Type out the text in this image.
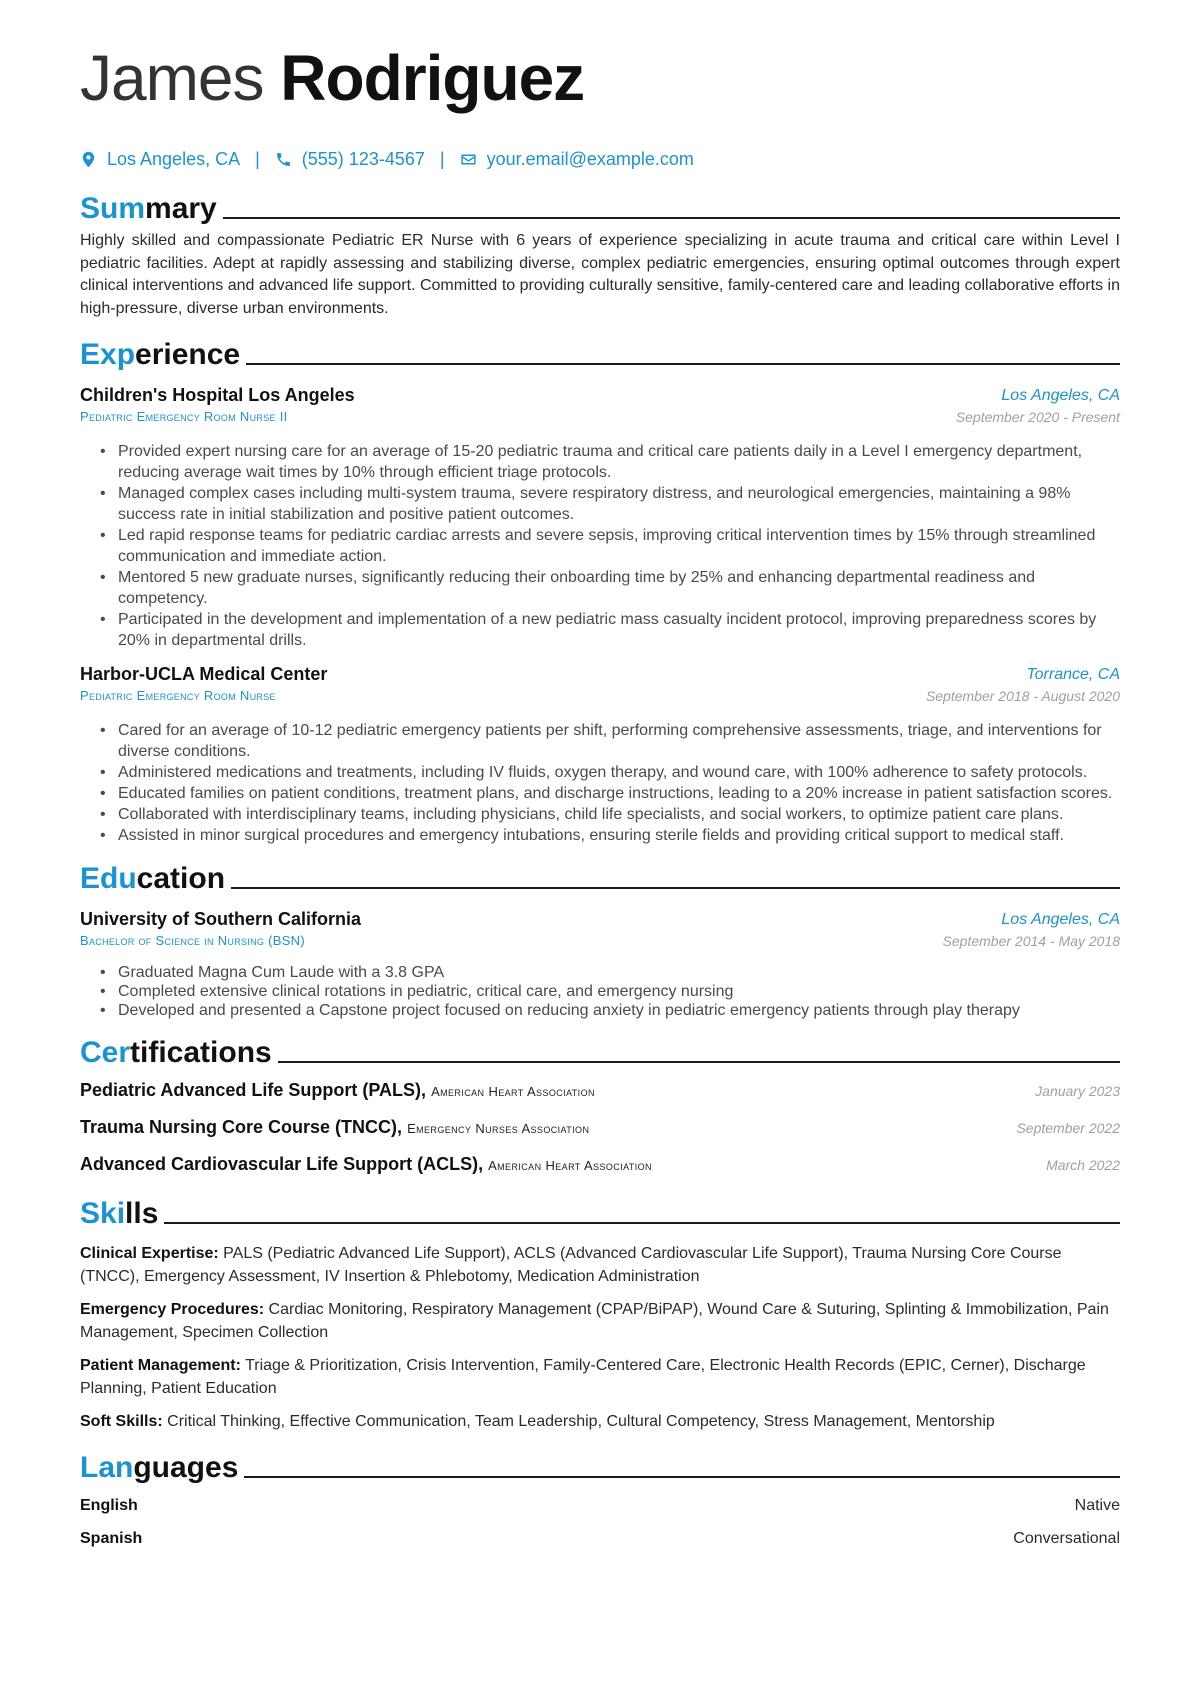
James Rodriguez
Los Angeles, CA | (555) 123-4567 | your.email@example.com
Summary

Highly skilled and compassionate Pediatric ER Nurse with 6 years of experience specializing in acute trauma and critical care within Level I pediatric facilities. Adept at rapidly assessing and stabilizing diverse, complex pediatric emergencies, ensuring optimal outcomes through expert clinical interventions and advanced life support. Committed to providing culturally sensitive, family-centered care and leading collaborative efforts in high-pressure, diverse urban environments.

Experience
Children's Hospital Los Angeles	Los Angeles, CA
Pediatric Emergency Room Nurse II	September 2020 - Present
• Provided expert nursing care for an average of 15-20 pediatric trauma and critical care patients daily in a Level I emergency department, reducing average wait times by 10% through efficient triage protocols.
• Managed complex cases including multi-system trauma, severe respiratory distress, and neurological emergencies, maintaining a 98% success rate in initial stabilization and positive patient outcomes.
• Led rapid response teams for pediatric cardiac arrests and severe sepsis, improving critical intervention times by 15% through streamlined communication and immediate action.
• Mentored 5 new graduate nurses, significantly reducing their onboarding time by 25% and enhancing departmental readiness and competency.
• Participated in the development and implementation of a new pediatric mass casualty incident protocol, improving preparedness scores by 20% in departmental drills.
Harbor-UCLA Medical Center	Torrance, CA
Pediatric Emergency Room Nurse	September 2018 - August 2020
• Cared for an average of 10-12 pediatric emergency patients per shift, performing comprehensive assessments, triage, and interventions for diverse conditions.
• Administered medications and treatments, including IV fluids, oxygen therapy, and wound care, with 100% adherence to safety protocols.
• Educated families on patient conditions, treatment plans, and discharge instructions, leading to a 20% increase in patient satisfaction scores.
• Collaborated with interdisciplinary teams, including physicians, child life specialists, and social workers, to optimize patient care plans.
• Assisted in minor surgical procedures and emergency intubations, ensuring sterile fields and providing critical support to medical staff.
Education
University of Southern California	Los Angeles, CA
Bachelor of Science in Nursing (BSN)	September 2014 - May 2018
• Graduated Magna Cum Laude with a 3.8 GPA
• Completed extensive clinical rotations in pediatric, critical care, and emergency nursing
• Developed and presented a Capstone project focused on reducing anxiety in pediatric emergency patients through play therapy
Certifications
Pediatric Advanced Life Support (PALS), American Heart Association	January 2023
Trauma Nursing Core Course (TNCC), Emergency Nurses Association	September 2022
Advanced Cardiovascular Life Support (ACLS), American Heart Association	March 2022
Skills

Clinical Expertise: PALS (Pediatric Advanced Life Support), ACLS (Advanced Cardiovascular Life Support), Trauma Nursing Core Course (TNCC), Emergency Assessment, IV Insertion & Phlebotomy, Medication Administration

Emergency Procedures: Cardiac Monitoring, Respiratory Management (CPAP/BiPAP), Wound Care & Suturing, Splinting & Immobilization, Pain Management, Specimen Collection

Patient Management: Triage & Prioritization, Crisis Intervention, Family-Centered Care, Electronic Health Records (EPIC, Cerner), Discharge Planning, Patient Education

Soft Skills: Critical Thinking, Effective Communication, Team Leadership, Cultural Competency, Stress Management, Mentorship

Languages
English	Native
Spanish	Conversational
